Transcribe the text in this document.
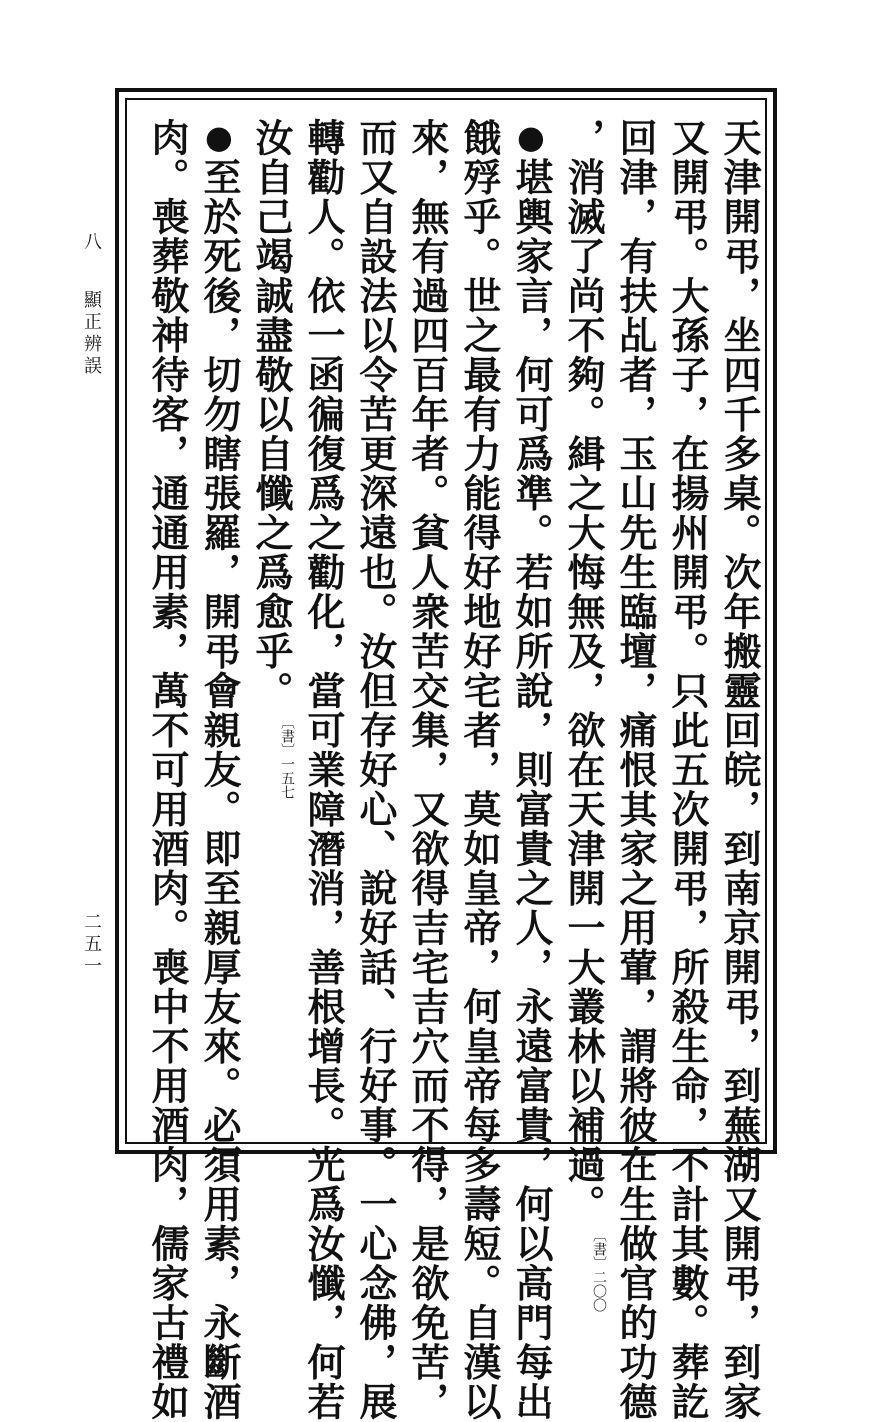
八
顯正辨誤
二五一	天津開弔，坐四千多桌。次年搬靈回皖，到南京開弔，到蕪湖又開弔，到家
又開弔。大孫子，在揚州開弔。只此五次開弔，所殺生命，不計其數。葬訖
回津，有扶乩者，玉山先生臨壇，痛恨其家之用葷，謂將彼在生做官的功德
，消滅了尚不夠。緝之大悔無及，欲在天津開一大叢林以補過。〔書〕二〇〇
●堪輿家言，何可爲準。若如所說，則富貴之人，永遠富貴，何以高門每出
餓殍乎。世之最有力能得好地好宅者，莫如皇帝，何皇帝每多壽短。自漢以
來，無有過四百年者。貧人衆苦交集，又欲得吉宅吉穴而不得，是欲免苦，
而又自設法以令苦更深遠也。汝但存好心、說好話、行好事。一心念佛，展
轉勸人。依一函徧復爲之勸化，當可業障潛消，善根增長。光爲汝懺，何若
汝自己竭誠盡敬以自懺之爲愈乎。〔書〕一五七
●至於死後，切勿瞎張羅，開弔會親友。即至親厚友來。必須用素，永斷酒
肉。喪葬敬神待客，通通用素，萬不可用酒肉。喪中不用酒肉，儒家古禮如
